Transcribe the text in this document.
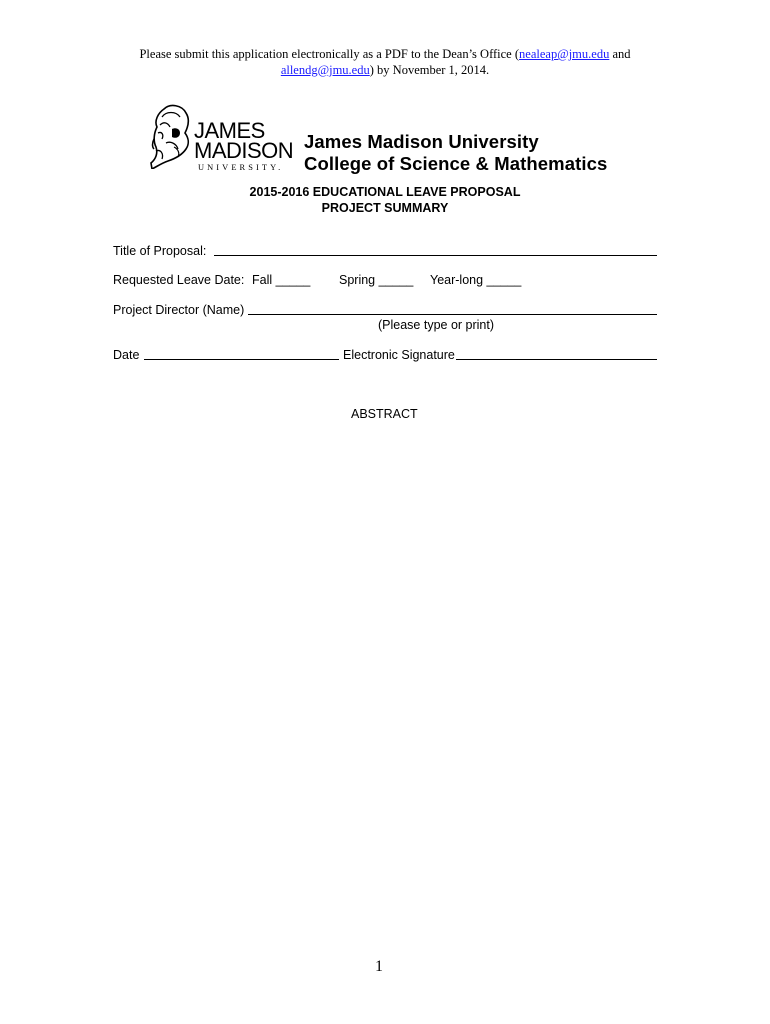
Please submit this application electronically as a PDF to the Dean’s Office (nealeap@jmu.edu and
allendg@jmu.edu) by November 1, 2014.
JAMES
MADISON
UNIVERSITY.
James Madison University
College of Science & Mathematics
2015-2016 EDUCATIONAL LEAVE PROPOSAL
PROJECT SUMMARY
Title of Proposal:
Requested Leave Date: Fall _____ Spring _____ Year-long _____
Project Director (Name)
(Please type or print)
Date	Electronic Signature
ABSTRACT
1
